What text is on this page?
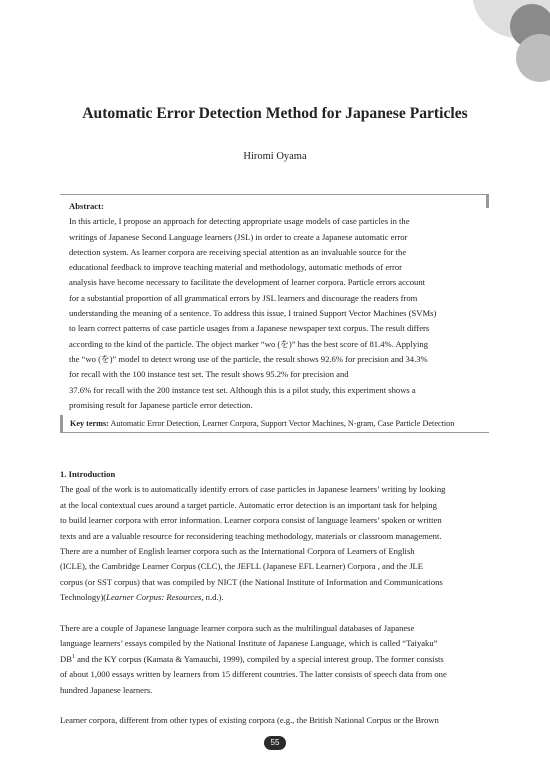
Automatic Error Detection Method for Japanese Particles
Hiromi Oyama

Abstract:

In this article, I propose an approach for detecting appropriate usage models of case particles in the

writings of Japanese Second Language learners (JSL) in order to create a Japanese automatic error

detection system. As learner corpora are receiving special attention as an invaluable source for the

educational feedback to improve teaching material and methodology, automatic methods of error

analysis have become necessary to facilitate the development of learner corpora. Particle errors account

for a substantial proportion of all grammatical errors by JSL learners and discourage the readers from

understanding the meaning of a sentence. To address this issue, I trained Support Vector Machines (SVMs)

to learn correct patterns of case particle usages from a Japanese newspaper text corpus. The result differs

according to the kind of the particle. The object marker “wo (を)” has the best score of 81.4%. Applying

the “wo (を)” model to detect wrong use of the particle, the result shows 92.6% for precision and 34.3%

for recall with the 100 instance test set. The result shows 95.2% for precision and

37.6% for recall with the 200 instance test set. Although this is a pilot study, this experiment shows a

promising result for Japanese particle error detection.

Key terms: Automatic Error Detection, Learner Corpora, Support Vector Machines, N-gram, Case Particle Detection

1. Introduction

The goal of the work is to automatically identify errors of case particles in Japanese learners’ writing by looking

at the local contextual cues around a target particle. Automatic error detection is an important task for helping

to build learner corpora with error information. Learner corpora consist of language learners’ spoken or written

texts and are a valuable resource for reconsidering teaching methodology, materials or classroom management.

There are a number of English learner corpora such as the International Corpora of Learners of English

(ICLE), the Cambridge Learner Corpus (CLC), the JEFLL (Japanese EFL Learner) Corpora , and the JLE

corpus (or SST corpus) that was compiled by NICT (the National Institute of Information and Communications

Technology)(Learner Corpus: Resources, n.d.).

There are a couple of Japanese language learner corpora such as the multilingual databases of Japanese

language learners’ essays compiled by the National Institute of Japanese Language, which is called “Taiyaku”

$DB^1$ and the KY corpus (Kamata & Yamauchi, 1999), compiled by a special interest group. The former consists

of about 1,000 essays written by learners from 15 different countries. The latter consists of speech data from one

hundred Japanese learners.

Learner corpora, different from other types of existing corpora (e.g., the British National Corpus or the Brown

55
